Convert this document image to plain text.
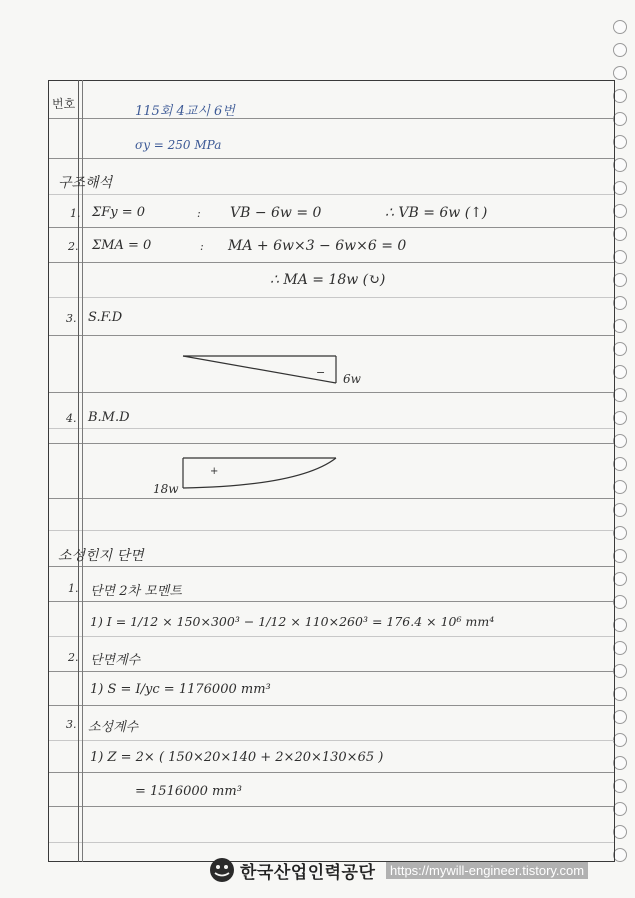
번호	115회 4교시 6번
σy = 250 MPa
구조해석
1. ΣFy = 0	: VB − 6w = 0	∴ VB = 6w (↑)
2. ΣMA = 0	: MA + 6w×3 − 6w×6 = 0
∴ MA = 18w (↻)
3. S.F.D
4. B.M.D
− 6w
+
18w
소성힌지 단면
1. 단면 2차 모멘트
1) I = 1/12 × 150×300³ − 1/12 × 110×260³ = 176.4 × 10⁶ mm⁴
2. 단면계수
1) S = I/yc = 1176000 mm³
3. 소성계수
1) Z = 2× ( 150×20×140 + 2×20×130×65 )
= 1516000 mm³
한국산업인력공단	https://mywill-engineer.tistory.com
